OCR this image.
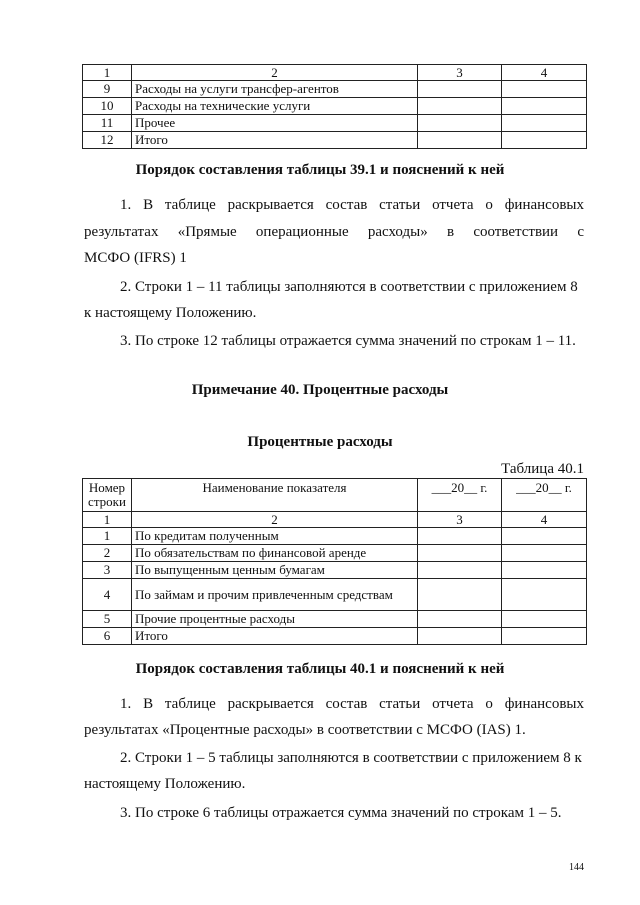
1	2	3	4
9	Расходы на услуги трансфер-агентов		
10	Расходы на технические услуги		
11	Прочее		
12	Итого		

Порядок составления таблицы 39.1 и пояснений к ней

1. В таблице раскрывается состав статьи отчета о финансовых

результатах «Прямые операционные расходы» в соответствии с

МСФО (IFRS) 1

2. Строки 1 – 11 таблицы заполняются в соответствии с приложением 8

к настоящему Положению.

3. По строке 12 таблицы отражается сумма значений по строкам 1 – 11.

Примечание 40. Процентные расходы

Процентные расходы

Таблица 40.1

Номер строки	Наименование показателя	___20__ г.	___20__ г.
1	2	3	4
1	По кредитам полученным		
2	По обязательствам по финансовой аренде		
3	По выпущенным ценным бумагам		
4	По займам и прочим привлеченным средствам		
5	Прочие процентные расходы		
6	Итого		

Порядок составления таблицы 40.1 и пояснений к ней

1. В таблице раскрывается состав статьи отчета о финансовых

результатах «Процентные расходы» в соответствии с МСФО (IAS) 1.

2. Строки 1 – 5 таблицы заполняются в соответствии с приложением 8 к

настоящему Положению.

3. По строке 6 таблицы отражается сумма значений по строкам 1 – 5.

144
